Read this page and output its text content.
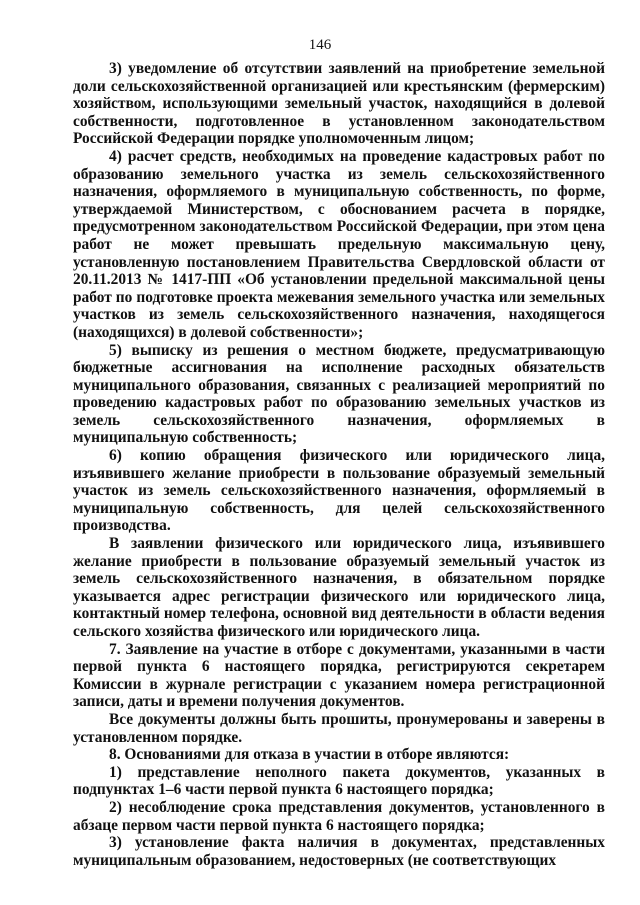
146

3) уведомление об отсутствии заявлений на приобретение земельной доли сельскохозяйственной организацией или крестьянским (фермерским) хозяйством, использующими земельный участок, находящийся в долевой собственности, подготовленное в установленном законодательством Российской Федерации порядке уполномоченным лицом;

4) расчет средств, необходимых на проведение кадастровых работ по образованию земельного участка из земель сельскохозяйственного назначения, оформляемого в муниципальную собственность, по форме, утверждаемой Министерством, с обоснованием расчета в порядке, предусмотренном законодательством Российской Федерации, при этом цена работ не может превышать предельную максимальную цену, установленную постановлением Правительства Свердловской области от 20.11.2013 № 1417-ПП «Об установлении предельной максимальной цены работ по подготовке проекта межевания земельного участка или земельных участков из земель сельскохозяйственного назначения, находящегося (находящихся) в долевой собственности»;

5) выписку из решения о местном бюджете, предусматривающую бюджетные ассигнования на исполнение расходных обязательств муниципального образования, связанных с реализацией мероприятий по проведению кадастровых работ по образованию земельных участков из земель сельскохозяйственного назначения, оформляемых в муниципальную собственность;

6) копию обращения физического или юридического лица, изъявившего желание приобрести в пользование образуемый земельный участок из земель сельскохозяйственного назначения, оформляемый в муниципальную собственность, для целей сельскохозяйственного производства.

В заявлении физического или юридического лица, изъявившего желание приобрести в пользование образуемый земельный участок из земель сельскохозяйственного назначения, в обязательном порядке указывается адрес регистрации физического или юридического лица, контактный номер телефона, основной вид деятельности в области ведения сельского хозяйства физического или юридического лица.

7. Заявление на участие в отборе с документами, указанными в части первой пункта 6 настоящего порядка, регистрируются секретарем Комиссии в журнале регистрации с указанием номера регистрационной записи, даты и времени получения документов.

Все документы должны быть прошиты, пронумерованы и заверены в установленном порядке.

8. Основаниями для отказа в участии в отборе являются:

1) представление неполного пакета документов, указанных в подпунктах 1–6 части первой пункта 6 настоящего порядка;

2) несоблюдение срока представления документов, установленного в абзаце первом части первой пункта 6 настоящего порядка;

3) установление факта наличия в документах, представленных муниципальным образованием, недостоверных (не соответствующих
